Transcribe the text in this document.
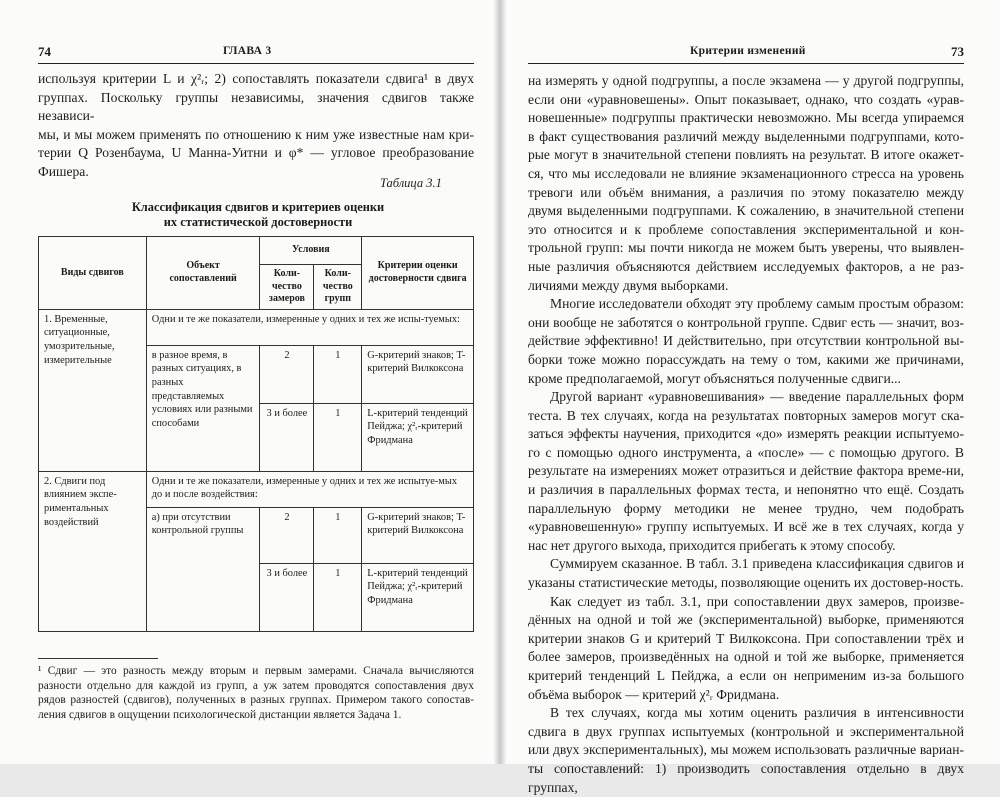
74	ГЛАВА 3

используя критерии L и χ²ᵣ; 2) сопоставлять показатели сдвига¹ в двух

группах. Поскольку группы независимы, значения сдвигов также независи-

мы, и мы можем применять по отношению к ним уже известные нам кри-

терии Q Розенбаума, U Манна-Уитни и φ* — угловое преобразование

Фишера.

Таблица 3.1
Классификация сдвигов и критериев оценки
их статистической достоверности
Виды сдвигов	Объект сопоставлений	Условия		Критерии оценки достоверности сдвига
		Коли-чество замеров	Коли-чество групп	
1. Временные, ситуационные, умозрительные, измерительные	Одни и те же показатели, измеренные у одних и тех же испы-туемых:			
	в разное время, в разных ситуациях, в разных представляемых условиях или разными способами	2	1	G-критерий знаков; T-критерий Вилкоксона
		3 и более	1	L-критерий тенденций Пейджа; χ²ᵣ-критерий Фридмана
2. Сдвиги под влиянием экспе-риментальных воздействий	Одни и те же показатели, измеренные у одних и тех же испытуе-мых до и после воздействия:			
	а) при отсутствии контрольной группы	2	1	G-критерий знаков; T-критерий Вилкоксона
		3 и более	1	L-критерий тенденций Пейджа; χ²ᵣ-критерий Фридмана
¹ Сдвиг — это разность между вторым и первым замерами. Сначала вычисляются разности отдельно для каждой из групп, а уж затем проводятся сопоставления двух рядов разностей (сдвигов), полученных в разных группах. Примером такого сопостав-ления сдвигов в ощущении психологической дистанции является Задача 1.
Критерии изменений	73

на измерять у одной подгруппы, а после экзамена — у другой подгруппы, если они «уравновешены». Опыт показывает, однако, что создать «урав-новешенные» подгруппы практически невозможно. Мы всегда упираемся в факт существования различий между выделенными подгруппами, кото-рые могут в значительной степени повлиять на результат. В итоге окажет-ся, что мы исследовали не влияние экзаменационного стресса на уровень тревоги или объём внимания, а различия по этому показателю между двумя выделенными подгруппами. К сожалению, в значительной степени это относится и к проблеме сопоставления экспериментальной и кон-трольной групп: мы почти никогда не можем быть уверены, что выявлен-ные различия объясняются действием исследуемых факторов, а не раз-личиями между двумя выборками.

Многие исследователи обходят эту проблему самым простым образом: они вообще не заботятся о контрольной группе. Сдвиг есть — значит, воз-действие эффективно! И действительно, при отсутствии контрольной вы-борки тоже можно порассуждать на тему о том, какими же причинами, кроме предполагаемой, могут объясняться полученные сдвиги...

Другой вариант «уравновешивания» — введение параллельных форм теста. В тех случаях, когда на результатах повторных замеров могут ска-заться эффекты научения, приходится «до» измерять реакции испытуемо-го с помощью одного инструмента, а «после» — с помощью другого. В результате на измерениях может отразиться и действие фактора време-ни, и различия в параллельных формах теста, и непонятно что ещё. Создать параллельную форму методики не менее трудно, чем подобрать «уравновешенную» группу испытуемых. И всё же в тех случаях, когда у нас нет другого выхода, приходится прибегать к этому способу.

Суммируем сказанное. В табл. 3.1 приведена классификация сдвигов и указаны статистические методы, позволяющие оценить их достовер-ность.

Как следует из табл. 3.1, при сопоставлении двух замеров, произве-дённых на одной и той же (экспериментальной) выборке, применяются критерии знаков G и критерий T Вилкоксона. При сопоставлении трёх и более замеров, произведённых на одной и той же выборке, применяется критерий тенденций L Пейджа, а если он неприменим из-за большого объёма выборок — критерий χ²ᵣ Фридмана.

В тех случаях, когда мы хотим оценить различия в интенсивности сдвига в двух группах испытуемых (контрольной и экспериментальной или двух экспериментальных), мы можем использовать различные вариан-ты сопоставлений: 1) производить сопоставления отдельно в двух группах,
